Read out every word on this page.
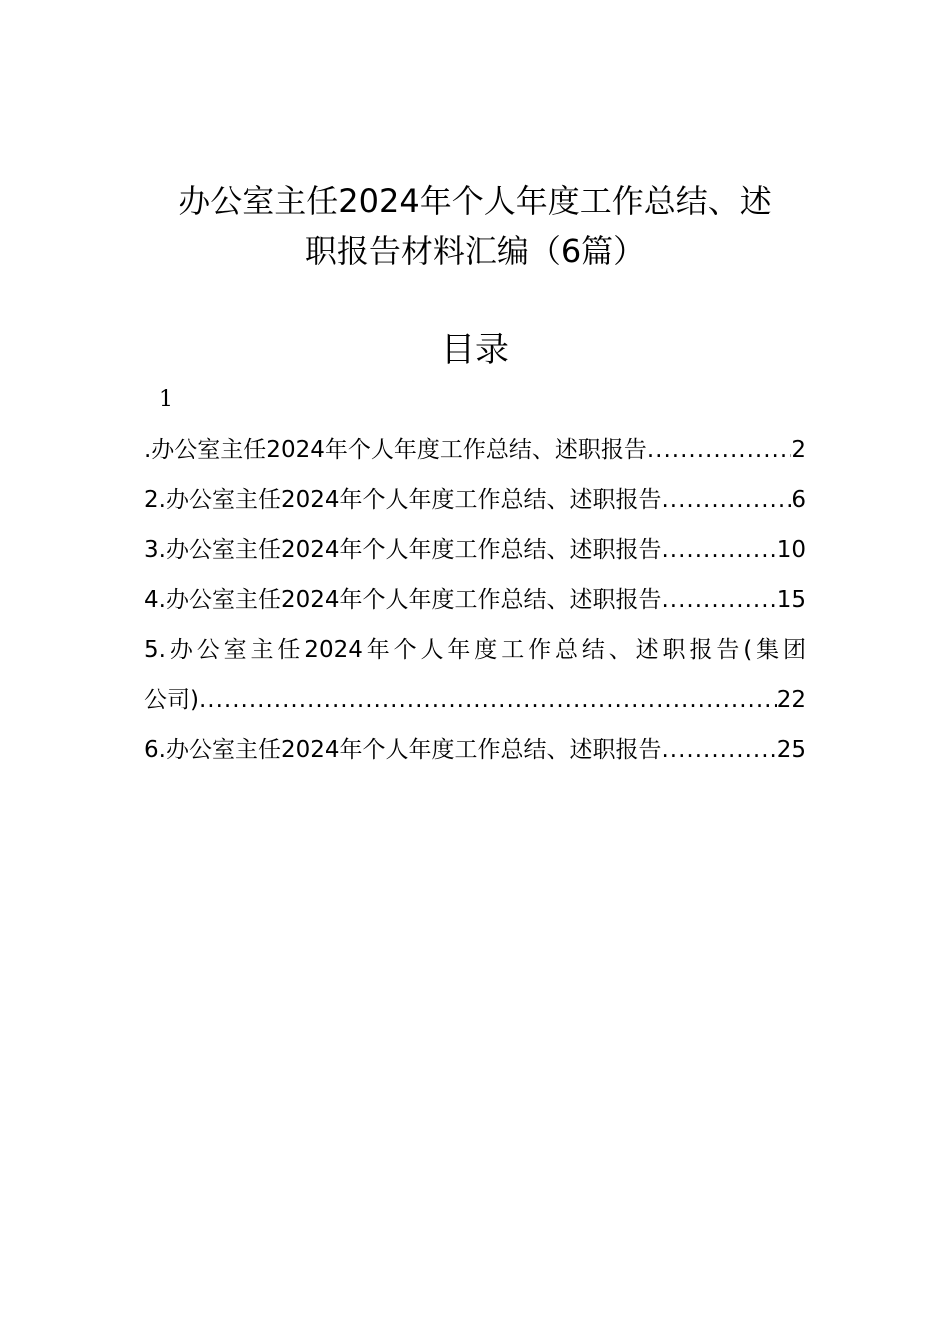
办公室主任2024年个人年度工作总结、述
职报告材料汇编（6篇）
目录
1
.办公室主任2024年个人年度工作总结、述职报告 .....	2
2.办公室主任2024年个人年度工作总结、述职报告 .....	6
3.办公室主任2024年个人年度工作总结、述职报告 .....	10
4.办公室主任2024年个人年度工作总结、述职报告 .....	15
5.办公室主任2024年个人年度工作总结、述职报告(集团
公司) .....	22
6.办公室主任2024年个人年度工作总结、述职报告 .....	25
